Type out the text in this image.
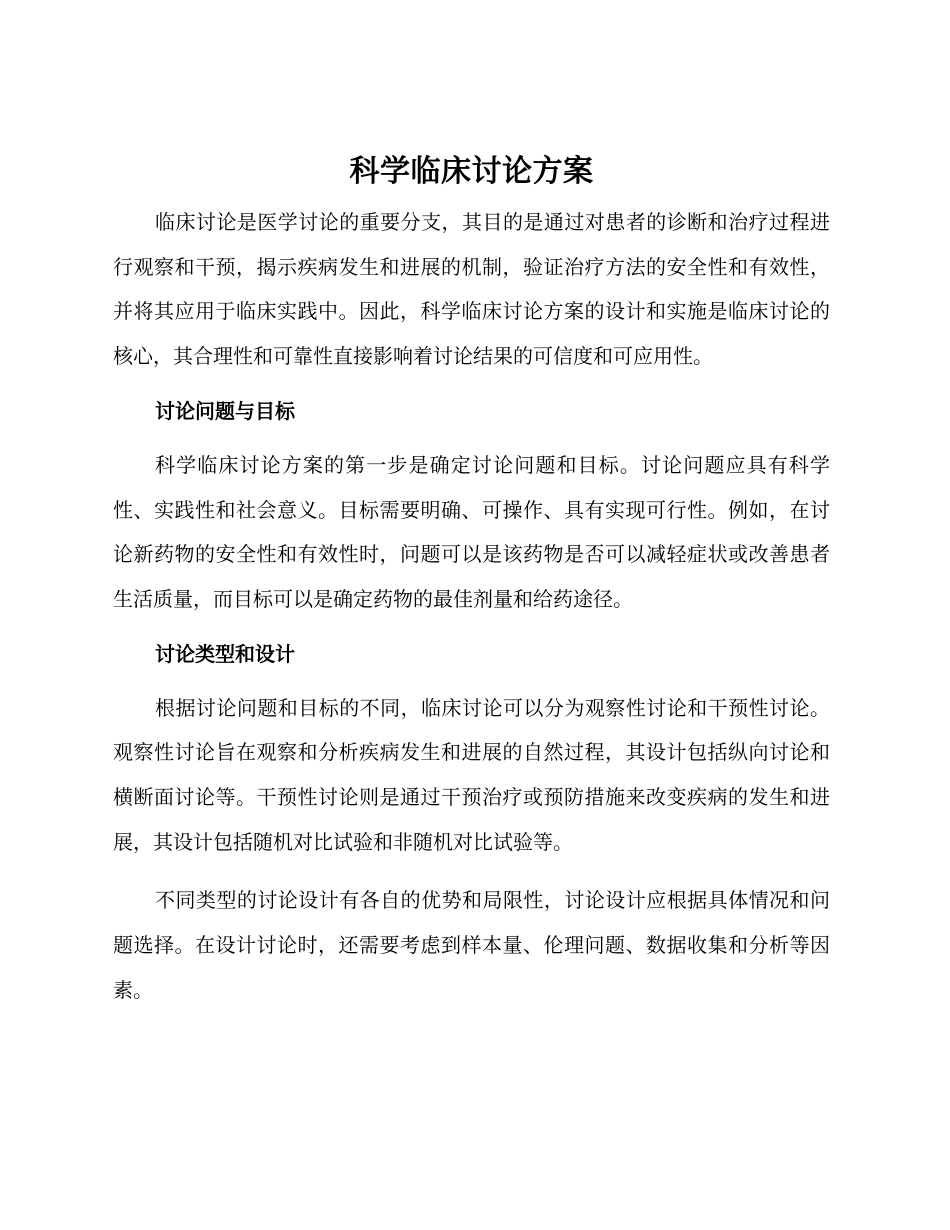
科学临床讨论方案

临床讨论是医学讨论的重要分支，其目的是通过对患者的诊断和治疗过程进行观察和干预，揭示疾病发生和进展的机制，验证治疗方法的安全性和有效性，并将其应用于临床实践中。因此，科学临床讨论方案的设计和实施是临床讨论的核心，其合理性和可靠性直接影响着讨论结果的可信度和可应用性。

讨论问题与目标

科学临床讨论方案的第一步是确定讨论问题和目标。讨论问题应具有科学性、实践性和社会意义。目标需要明确、可操作、具有实现可行性。例如，在讨论新药物的安全性和有效性时，问题可以是该药物是否可以减轻症状或改善患者生活质量，而目标可以是确定药物的最佳剂量和给药途径。

讨论类型和设计

根据讨论问题和目标的不同，临床讨论可以分为观察性讨论和干预性讨论。观察性讨论旨在观察和分析疾病发生和进展的自然过程，其设计包括纵向讨论和横断面讨论等。干预性讨论则是通过干预治疗或预防措施来改变疾病的发生和进展，其设计包括随机对比试验和非随机对比试验等。

不同类型的讨论设计有各自的优势和局限性，讨论设计应根据具体情况和问题选择。在设计讨论时，还需要考虑到样本量、伦理问题、数据收集和分析等因素。
